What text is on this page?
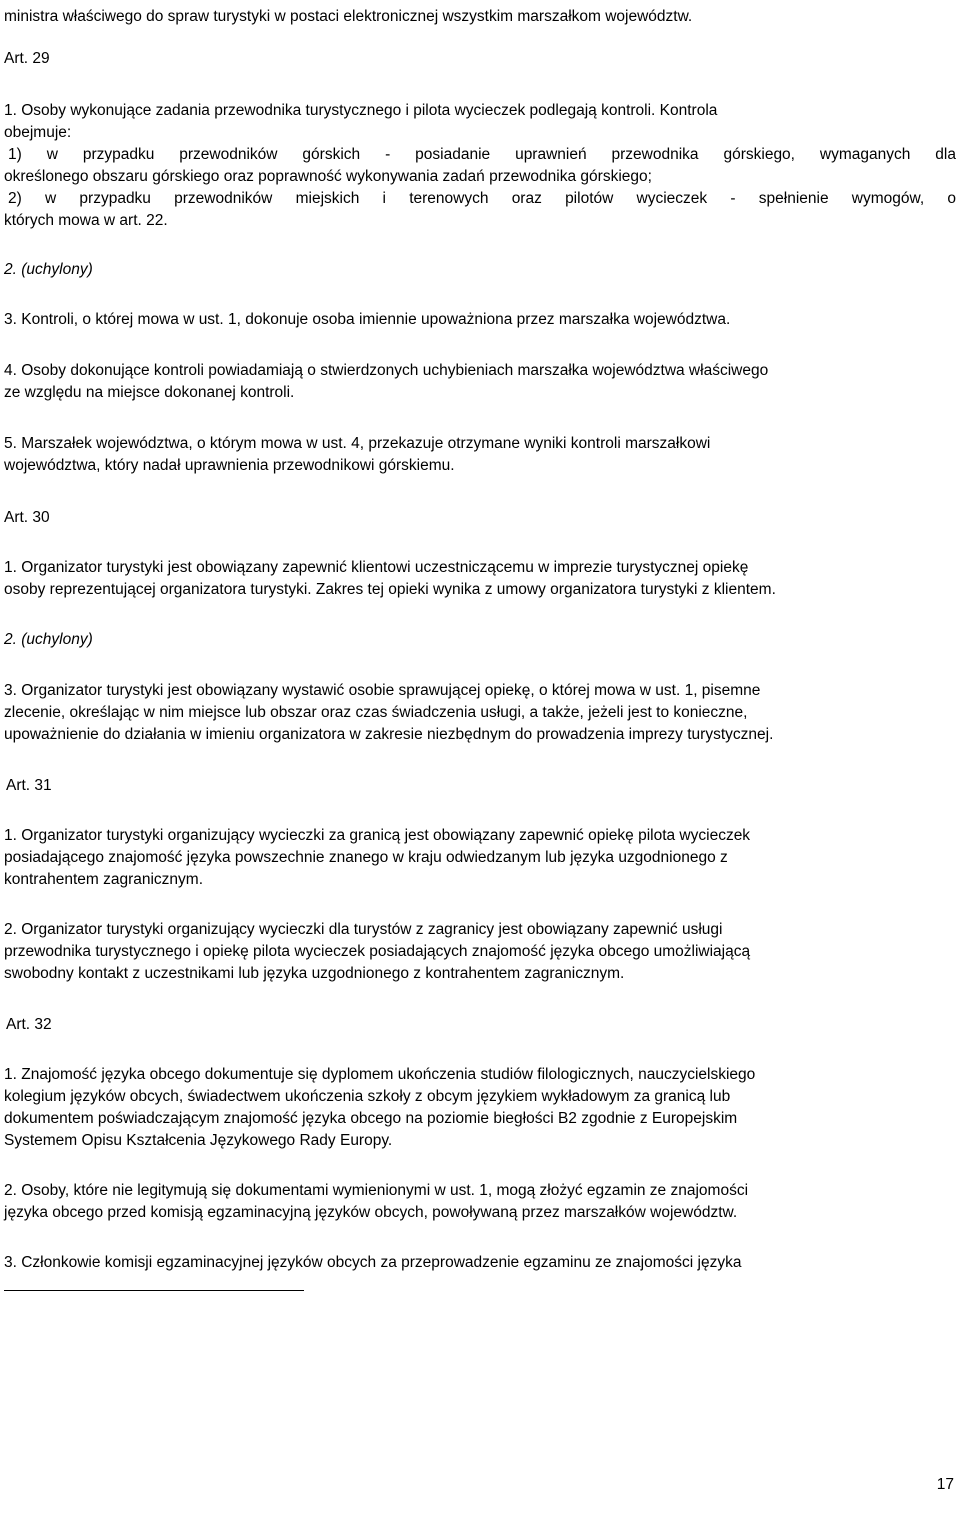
ministra właściwego do spraw turystyki w postaci elektronicznej wszystkim marszałkom województw.

Art. 29

1. Osoby wykonujące zadania przewodnika turystycznego i pilota wycieczek podlegają kontroli. Kontrola

obejmuje:

1) w przypadku przewodników górskich - posiadanie uprawnień przewodnika górskiego, wymaganych dla

określonego obszaru górskiego oraz poprawność wykonywania zadań przewodnika górskiego;

2) w przypadku przewodników miejskich i terenowych oraz pilotów wycieczek - spełnienie wymogów, o

których mowa w art. 22.

2. (uchylony)

3. Kontroli, o której mowa w ust. 1, dokonuje osoba imiennie upoważniona przez marszałka województwa.

4. Osoby dokonujące kontroli powiadamiają o stwierdzonych uchybieniach marszałka województwa właściwego

ze względu na miejsce dokonanej kontroli.

5. Marszałek województwa, o którym mowa w ust. 4, przekazuje otrzymane wyniki kontroli marszałkowi

województwa, który nadał uprawnienia przewodnikowi górskiemu.

Art. 30

1. Organizator turystyki jest obowiązany zapewnić klientowi uczestniczącemu w imprezie turystycznej opiekę

osoby reprezentującej organizatora turystyki. Zakres tej opieki wynika z umowy organizatora turystyki z klientem.

2. (uchylony)

3. Organizator turystyki jest obowiązany wystawić osobie sprawującej opiekę, o której mowa w ust. 1, pisemne

zlecenie, określając w nim miejsce lub obszar oraz czas świadczenia usługi, a także, jeżeli jest to konieczne,

upoważnienie do działania w imieniu organizatora w zakresie niezbędnym do prowadzenia imprezy turystycznej.

Art. 31

1. Organizator turystyki organizujący wycieczki za granicą jest obowiązany zapewnić opiekę pilota wycieczek

posiadającego znajomość języka powszechnie znanego w kraju odwiedzanym lub języka uzgodnionego z

kontrahentem zagranicznym.

2. Organizator turystyki organizujący wycieczki dla turystów z zagranicy jest obowiązany zapewnić usługi

przewodnika turystycznego i opiekę pilota wycieczek posiadających znajomość języka obcego umożliwiającą

swobodny kontakt z uczestnikami lub języka uzgodnionego z kontrahentem zagranicznym.

Art. 32

1. Znajomość języka obcego dokumentuje się dyplomem ukończenia studiów filologicznych, nauczycielskiego

kolegium języków obcych, świadectwem ukończenia szkoły z obcym językiem wykładowym za granicą lub

dokumentem poświadczającym znajomość języka obcego na poziomie biegłości B2 zgodnie z Europejskim

Systemem Opisu Kształcenia Językowego Rady Europy.

2. Osoby, które nie legitymują się dokumentami wymienionymi w ust. 1, mogą złożyć egzamin ze znajomości

języka obcego przed komisją egzaminacyjną języków obcych, powoływaną przez marszałków województw.

3. Członkowie komisji egzaminacyjnej języków obcych za przeprowadzenie egzaminu ze znajomości języka

17
